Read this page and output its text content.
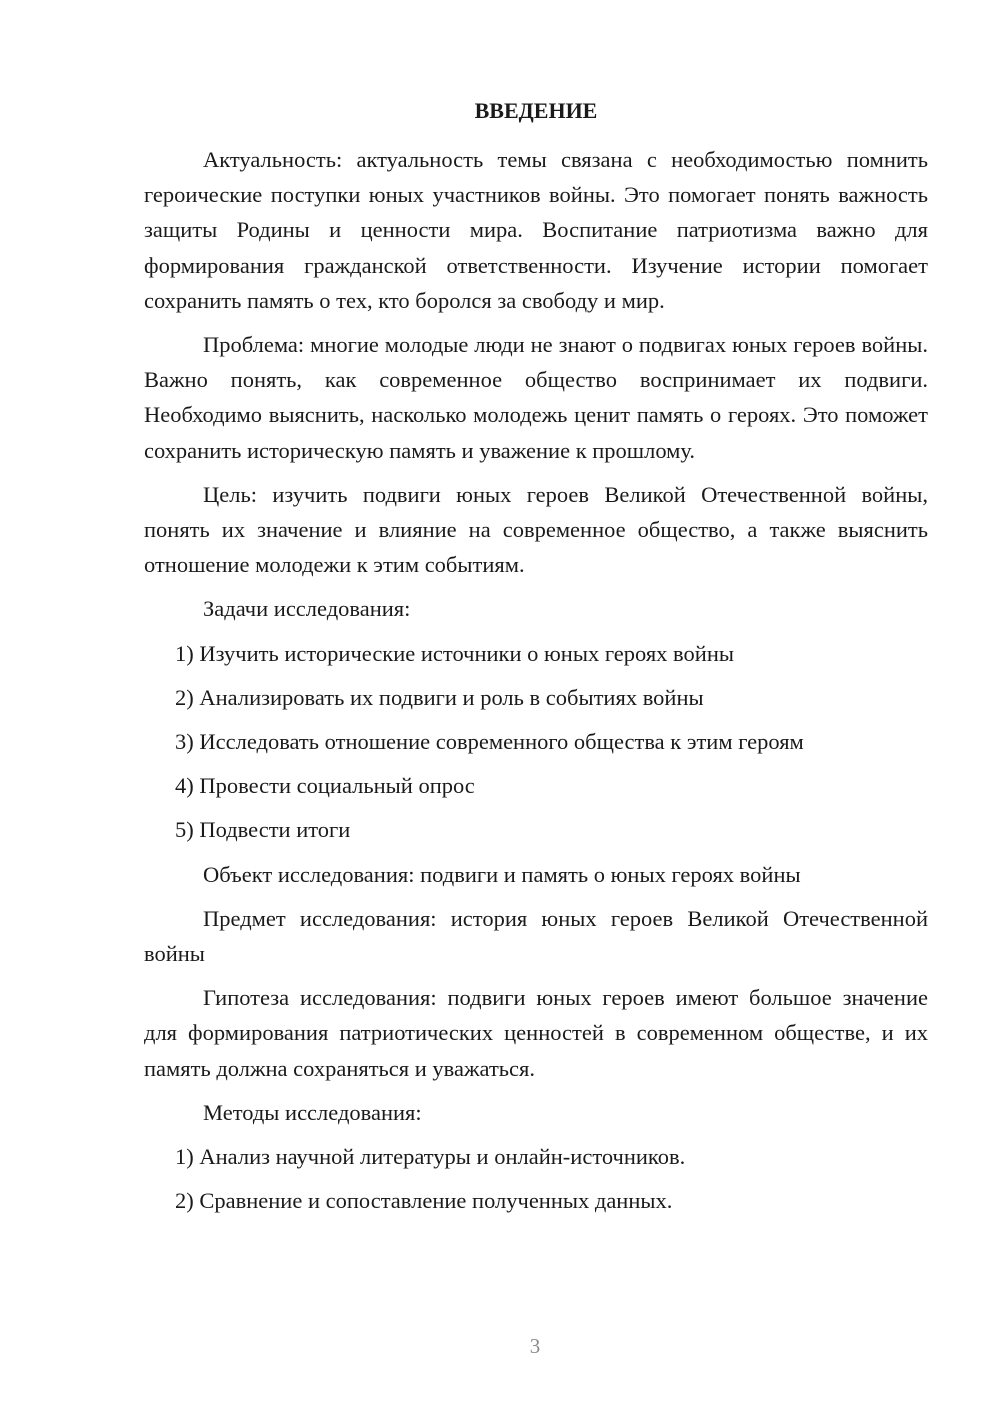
ВВЕДЕНИЕ

Актуальность: актуальность темы связана с необходимостью помнить героические поступки юных участников войны. Это помогает понять важность защиты Родины и ценности мира. Воспитание патриотизма важно для формирования гражданской ответственности. Изучение истории помогает сохранить память о тех, кто боролся за свободу и мир.

Проблема: многие молодые люди не знают о подвигах юных героев войны. Важно понять, как современное общество воспринимает их подвиги. Необходимо выяснить, насколько молодежь ценит память о героях. Это поможет сохранить историческую память и уважение к прошлому.

Цель: изучить подвиги юных героев Великой Отечественной войны, понять их значение и влияние на современное общество, а также выяснить отношение молодежи к этим событиям.

Задачи исследования:
1) Изучить исторические источники о юных героях войны
2) Анализировать их подвиги и роль в событиях войны
3) Исследовать отношение современного общества к этим героям
4) Провести социальный опрос
5) Подвести итоги

Объект исследования: подвиги и память о юных героях войны

Предмет исследования: история юных героев Великой Отечественной войны

Гипотеза исследования: подвиги юных героев имеют большое значение для формирования патриотических ценностей в современном обществе, и их память должна сохраняться и уважаться.

Методы исследования:
1) Анализ научной литературы и онлайн-источников.
2) Сравнение и сопоставление полученных данных.
3
